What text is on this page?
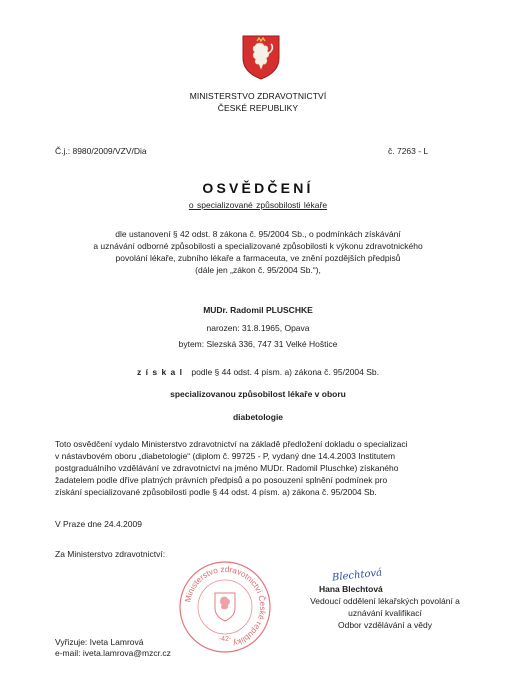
MINISTERSTVO ZDRAVOTNICTVÍ
ČESKÉ REPUBLIKY
Č.j.: 8980/2009/VZV/Dia	č. 7263 - L
OSVĚDČENÍ
o specializované způsobilosti lékaře
dle ustanovení § 42 odst. 8 zákona č. 95/2004 Sb., o podmínkách získávání
a uznávání odborné způsobilosti a specializované způsobilosti k výkonu zdravotnického
povolání lékaře, zubního lékaře a farmaceuta, ve znění pozdějších předpisů
(dále jen „zákon č. 95/2004 Sb.“),
MUDr. Radomil PLUSCHKE
narozen: 31.8.1965, Opava
bytem: Slezská 336, 747 31 Velké Hoštice
z í s k a l podle § 44 odst. 4 písm. a) zákona č. 95/2004 Sb.
specializovanou způsobilost lékaře v oboru
diabetologie
Toto osvědčení vydalo Ministerstvo zdravotnictví na základě předložení dokladu o specializaci
v nástavbovém oboru „diabetologie“ (diplom č. 99725 - P, vydaný dne 14.4.2003 Institutem
postgraduálního vzdělávání ve zdravotnictví na jméno MUDr. Radomil Pluschke) získaného
žadatelem podle dříve platných právních předpisů a po posouzení splnění podmínek pro
získání specializované způsobilosti podle § 44 odst. 4 písm. a) zákona č. 95/2004 Sb.
V Praze dne 24.4.2009
Za Ministerstvo zdravotnictví:
Ministerstvo zdravotnictví České republiky
-42-
Blechtová
Hana Blechtová
Vedoucí oddělení lékařských povolání a
uznávání kvalifikací
Odbor vzdělávání a vědy
Vyřizuje: Iveta Lamrová
e-mail: iveta.lamrova@mzcr.cz
